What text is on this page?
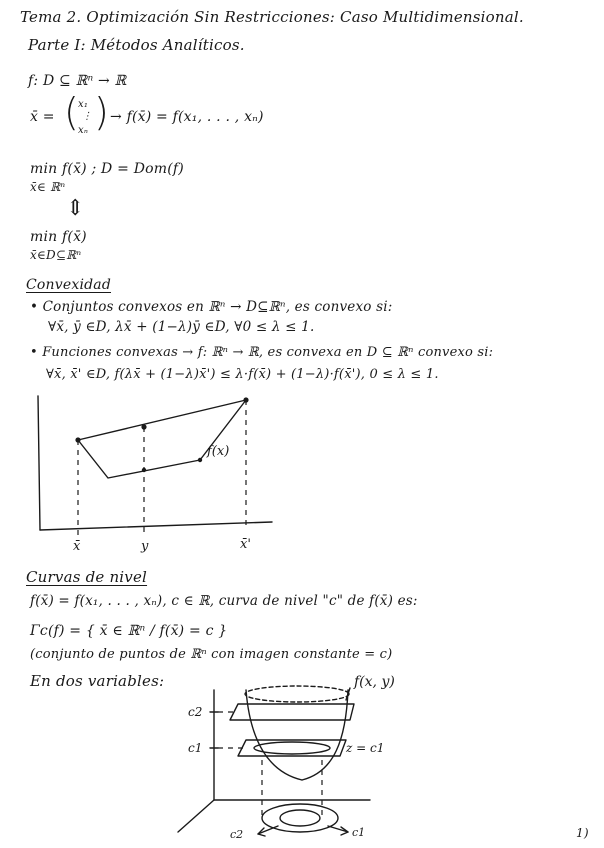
Tema 2. Optimización Sin Restricciones: Caso Multidimensional.
Parte I: Métodos Analíticos.
f: D ⊆ ℝⁿ → ℝ
x̄ = ( x₁
⋮
xₙ ) → f(x̄) = f(x₁, . . . , xₙ)
min f(x̄) ; D = Dom(f)
x̄∈ ℝⁿ
⇕
min f(x̄)
x̄∈D⊆ℝⁿ
Convexidad
• Conjuntos convexos en ℝⁿ → D⊆ℝⁿ, es convexo si:
∀x̄, ȳ ∈D, λx̄ + (1−λ)ȳ ∈D, ∀0 ≤ λ ≤ 1.
• Funciones convexas → f: ℝⁿ → ℝ, es convexa en D ⊆ ℝⁿ convexo si:
∀x̄, x̄' ∈D, f(λx̄ + (1−λ)x̄') ≤ λ·f(x̄) + (1−λ)·f(x̄'), 0 ≤ λ ≤ 1.
f(x)
x̄	y	x̄'
Curvas de nivel
f(x̄) = f(x₁, . . . , xₙ), c ∈ ℝ, curva de nivel "c" de f(x̄) es:
Γc(f) = { x̄ ∈ ℝⁿ / f(x̄) = c }
(conjunto de puntos de ℝⁿ con imagen constante = c)
En dos variables:	f(x, y)
c2
c1	z = c1
c2	c1	1)
